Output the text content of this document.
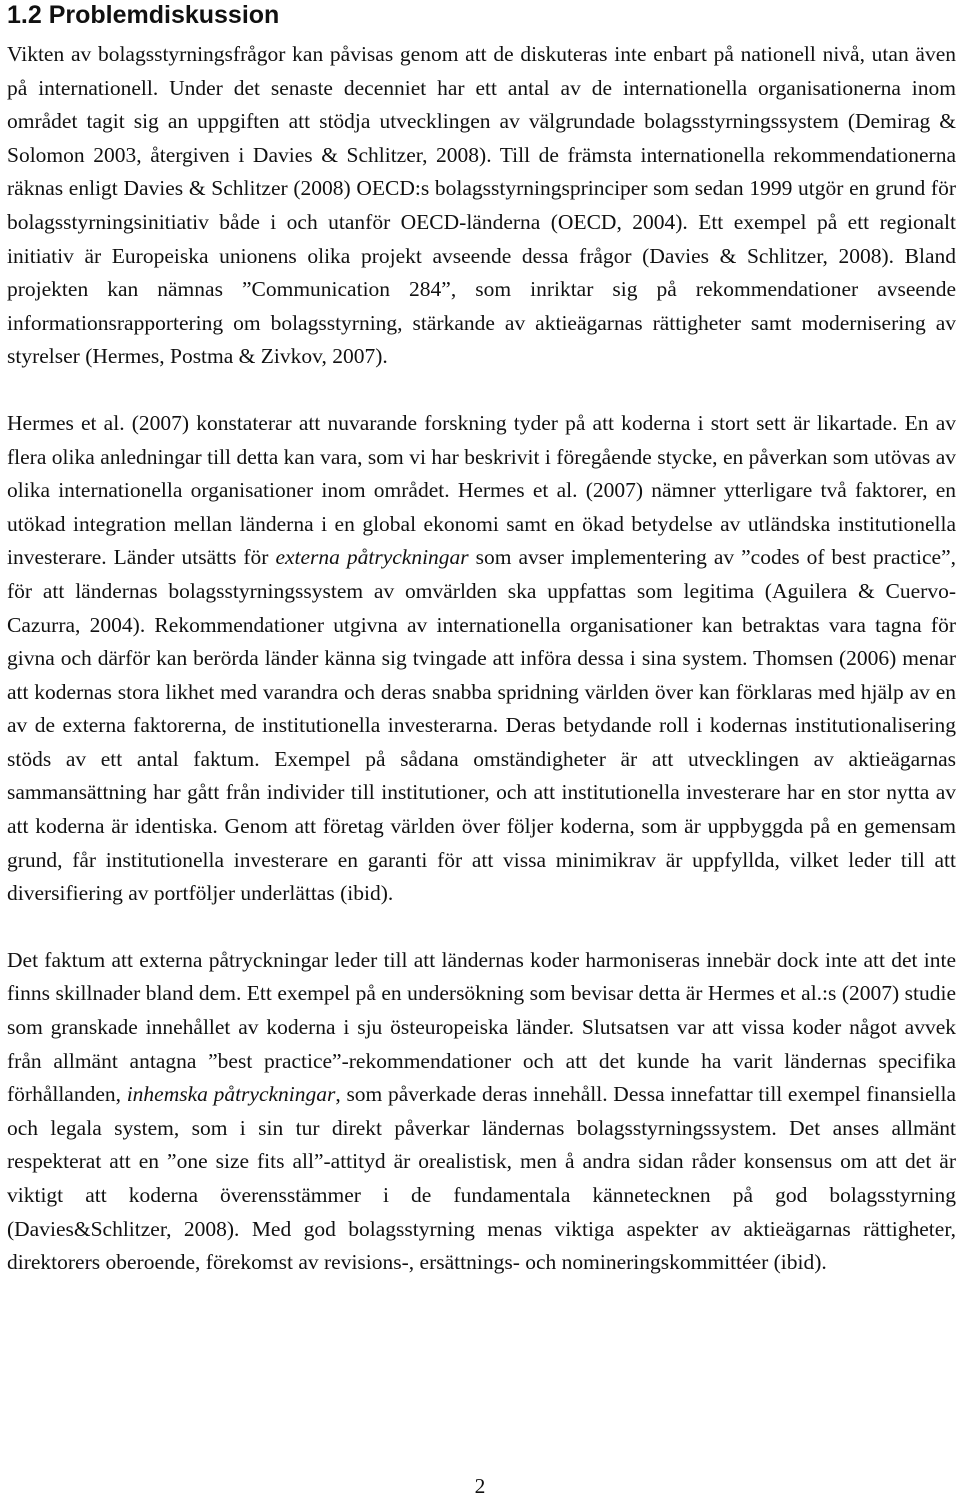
1.2 Problemdiskussion

Vikten av bolagsstyrningsfrågor kan påvisas genom att de diskuteras inte enbart på nationell nivå, utan även på internationell. Under det senaste decenniet har ett antal av de internationella organisationerna inom området tagit sig an uppgiften att stödja utvecklingen av välgrundade bolagsstyrningssystem (Demirag & Solomon 2003, återgiven i Davies & Schlitzer, 2008). Till de främsta internationella rekommendationerna räknas enligt Davies & Schlitzer (2008) OECD:s bolagsstyrningsprinciper som sedan 1999 utgör en grund för bolagsstyrningsinitiativ både i och utanför OECD-länderna (OECD, 2004). Ett exempel på ett regionalt initiativ är Europeiska unionens olika projekt avseende dessa frågor (Davies & Schlitzer, 2008). Bland projekten kan nämnas ”Communication 284”, som inriktar sig på rekommendationer avseende informationsrapportering om bolagsstyrning, stärkande av aktieägarnas rättigheter samt modernisering av styrelser (Hermes, Postma & Zivkov, 2007).

Hermes et al. (2007) konstaterar att nuvarande forskning tyder på att koderna i stort sett är likartade. En av flera olika anledningar till detta kan vara, som vi har beskrivit i föregående stycke, en påverkan som utövas av olika internationella organisationer inom området. Hermes et al. (2007) nämner ytterligare två faktorer, en utökad integration mellan länderna i en global ekonomi samt en ökad betydelse av utländska institutionella investerare. Länder utsätts för externa påtryckningar som avser implementering av ”codes of best practice”, för att ländernas bolagsstyrningssystem av omvärlden ska uppfattas som legitima (Aguilera & Cuervo-Cazurra, 2004). Rekommendationer utgivna av internationella organisationer kan betraktas vara tagna för givna och därför kan berörda länder känna sig tvingade att införa dessa i sina system. Thomsen (2006) menar att kodernas stora likhet med varandra och deras snabba spridning världen över kan förklaras med hjälp av en av de externa faktorerna, de institutionella investerarna. Deras betydande roll i kodernas institutionalisering stöds av ett antal faktum. Exempel på sådana omständigheter är att utvecklingen av aktieägarnas sammansättning har gått från individer till institutioner, och att institutionella investerare har en stor nytta av att koderna är identiska. Genom att företag världen över följer koderna, som är uppbyggda på en gemensam grund, får institutionella investerare en garanti för att vissa minimikrav är uppfyllda, vilket leder till att diversifiering av portföljer underlättas (ibid).

Det faktum att externa påtryckningar leder till att ländernas koder harmoniseras innebär dock inte att det inte finns skillnader bland dem. Ett exempel på en undersökning som bevisar detta är Hermes et al.:s (2007) studie som granskade innehållet av koderna i sju östeuropeiska länder. Slutsatsen var att vissa koder något avvek från allmänt antagna ”best practice”-rekommendationer och att det kunde ha varit ländernas specifika förhållanden, inhemska påtryckningar, som påverkade deras innehåll. Dessa innefattar till exempel finansiella och legala system, som i sin tur direkt påverkar ländernas bolagsstyrningssystem. Det anses allmänt respekterat att en ”one size fits all”-attityd är orealistisk, men å andra sidan råder konsensus om att det är viktigt att koderna överensstämmer i de fundamentala kännetecknen på god bolagsstyrning (Davies&Schlitzer, 2008). Med god bolagsstyrning menas viktiga aspekter av aktieägarnas rättigheter, direktorers oberoende, förekomst av revisions-, ersättnings- och nomineringskommittéer (ibid).

2
